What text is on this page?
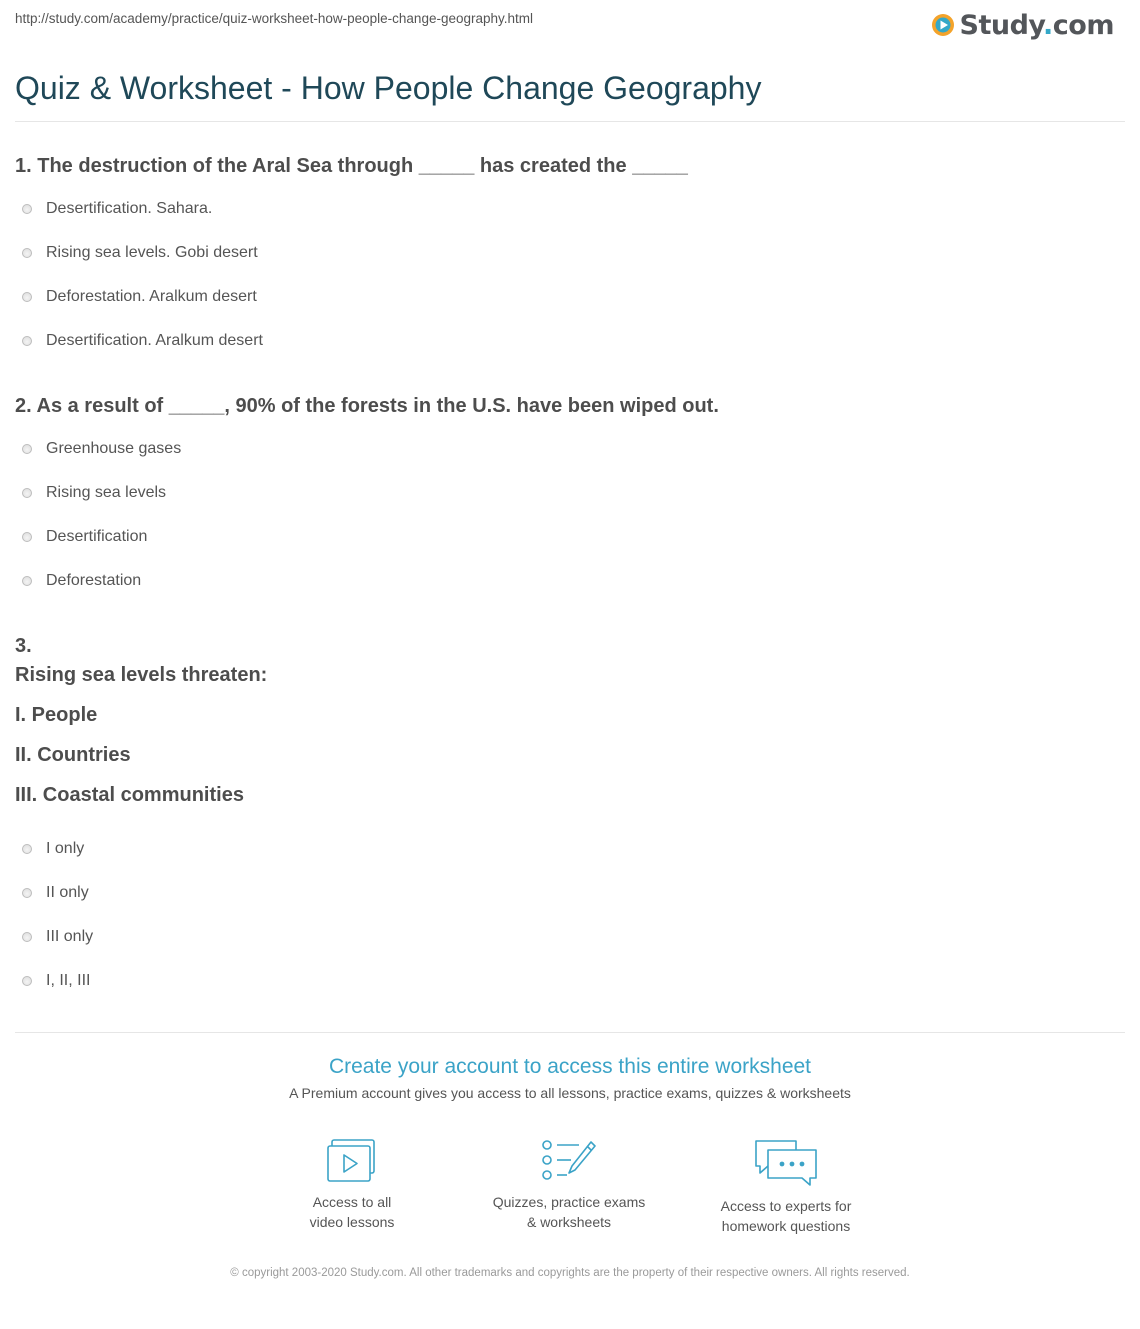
http://study.com/academy/practice/quiz-worksheet-how-people-change-geography.html	Study.com
Quiz & Worksheet - How People Change Geography
1. The destruction of the Aral Sea through _____ has created the _____
Desertification. Sahara.
Rising sea levels. Gobi desert
Deforestation. Aralkum desert
Desertification. Aralkum desert
2. As a result of _____, 90% of the forests in the U.S. have been wiped out.
Greenhouse gases
Rising sea levels
Desertification
Deforestation
3.
Rising sea levels threaten:
I. People
II. Countries
III. Coastal communities
I only
II only
III only
I, II, III
Create your account to access this entire worksheet
A Premium account gives you access to all lessons, practice exams, quizzes & worksheets
Access to all
video lessons
Quizzes, practice exams
& worksheets
Access to experts for
homework questions
© copyright 2003-2020 Study.com. All other trademarks and copyrights are the property of their respective owners. All rights reserved.
